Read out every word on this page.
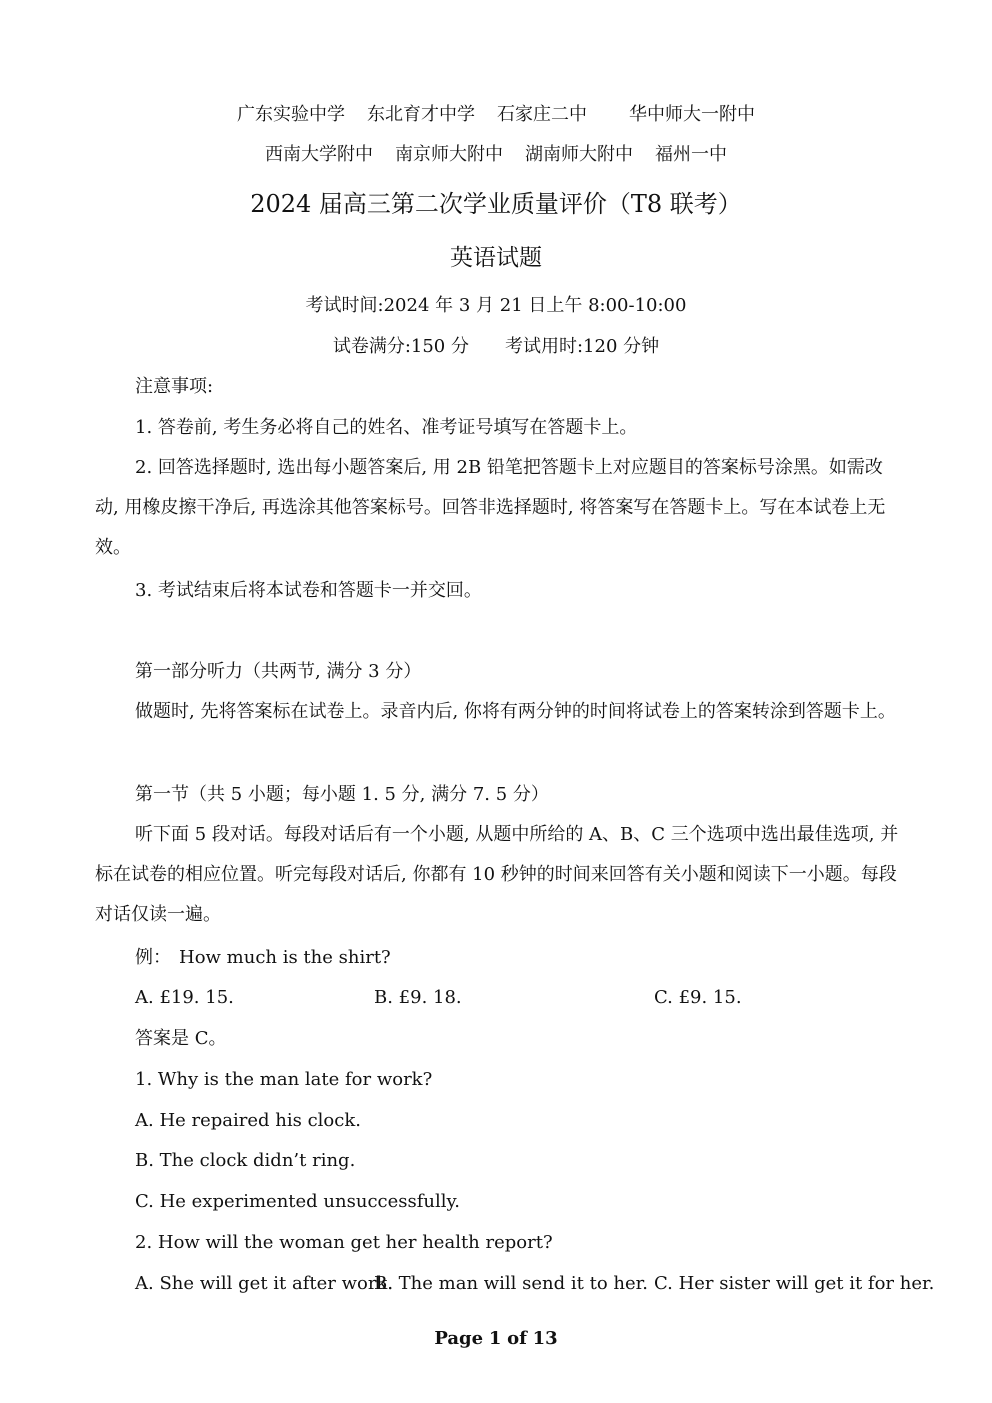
广东实验中学 东北育才中学 石家庄二中 华中师大一附中
西南大学附中 南京师大附中 湖南师大附中 福州一中
2024 届高三第二次学业质量评价（T8 联考）
英语试题
考试时间:2024 年 3 月 21 日上午 8:00-10:00
试卷满分:150 分　　考试用时:120 分钟
注意事项:
1. 答卷前, 考生务必将自己的姓名、准考证号填写在答题卡上。
2. 回答选择题时, 选出每小题答案后, 用 2B 铅笔把答题卡上对应题目的答案标号涂黑。如需改动, 用橡皮擦干净后, 再选涂其他答案标号。回答非选择题时, 将答案写在答题卡上。写在本试卷上无效。
3. 考试结束后将本试卷和答题卡一并交回。
第一部分听力（共两节, 满分 3 分）
做题时, 先将答案标在试卷上。录音内后, 你将有两分钟的时间将试卷上的答案转涂到答题卡上。
第一节（共 5 小题；每小题 1. 5 分, 满分 7. 5 分）
听下面 5 段对话。每段对话后有一个小题, 从题中所给的 A、B、C 三个选项中选出最佳选项, 并标在试卷的相应位置。听完每段对话后, 你都有 10 秒钟的时间来回答有关小题和阅读下一小题。每段对话仅读一遍。
例： How much is the shirt?
A. £19. 15.	B. £9. 18.	C. £9. 15.
答案是 C。
1. Why is the man late for work?
A. He repaired his clock.
B. The clock didn’t ring.
C. He experimented unsuccessfully.
2. How will the woman get her health report?
A. She will get it after work.
B. The man will send it to her. C. Her sister will get it for her.
Page 1 of 13
